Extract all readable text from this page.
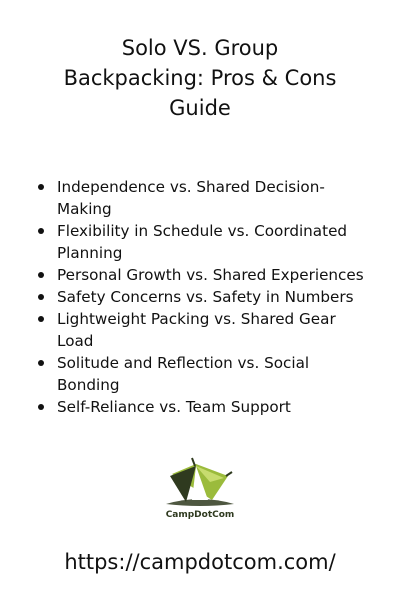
Solo VS. Group
Backpacking: Pros & Cons
Guide
Independence vs. Shared Decision-
Making
Flexibility in Schedule vs. Coordinated
Planning
Personal Growth vs. Shared Experiences
Safety Concerns vs. Safety in Numbers
Lightweight Packing vs. Shared Gear
Load
Solitude and Reflection vs. Social
Bonding
Self-Reliance vs. Team Support
CampDotCom
https://campdotcom.com/
